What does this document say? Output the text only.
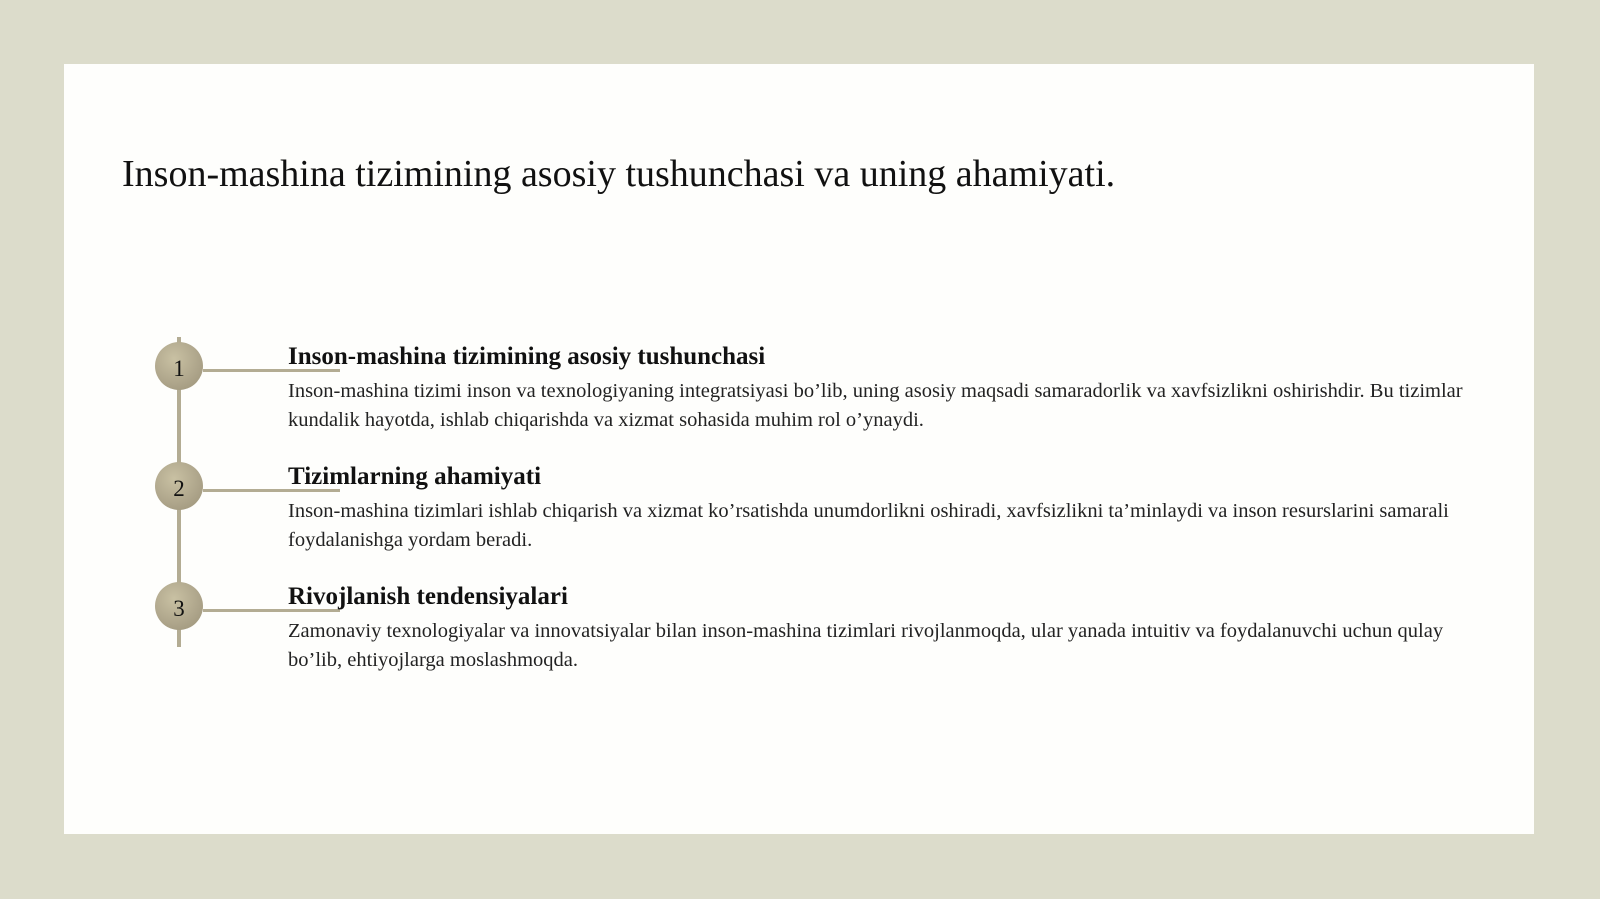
Inson-mashina tizimining asosiy tushunchasi va uning ahamiyati.
1	Inson-mashina tizimining asosiy tushunchasi

Inson-mashina tizimi inson va texnologiyaning integratsiyasi bo’lib, uning asosiy maqsadi samaradorlik va xavfsizlikni oshirishdir. Bu tizimlar kundalik hayotda, ishlab chiqarishda va xizmat sohasida muhim rol o’ynaydi.

2	Tizimlarning ahamiyati

Inson-mashina tizimlari ishlab chiqarish va xizmat ko’rsatishda unumdorlikni oshiradi, xavfsizlikni ta’minlaydi va inson resurslarini samarali foydalanishga yordam beradi.

3	Rivojlanish tendensiyalari

Zamonaviy texnologiyalar va innovatsiyalar bilan inson-mashina tizimlari rivojlanmoqda, ular yanada intuitiv va foydalanuvchi uchun qulay bo’lib, ehtiyojlarga moslashmoqda.
